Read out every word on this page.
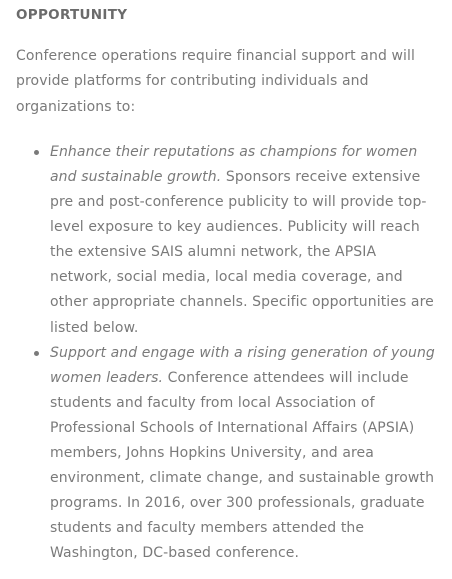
OPPORTUNITY

Conference operations require financial support and will provide platforms for contributing individuals and organizations to:

Enhance their reputations as champions for women and sustainable growth. Sponsors receive extensive pre and post-conference publicity to will provide top-level exposure to key audiences. Publicity will reach the extensive SAIS alumni network, the APSIA network, social media, local media coverage, and other appropriate channels. Specific opportunities are listed below.
Support and engage with a rising generation of young women leaders. Conference attendees will include students and faculty from local Association of Professional Schools of International Affairs (APSIA) members, Johns Hopkins University, and area environment, climate change, and sustainable growth programs. In 2016, over 300 professionals, graduate students and faculty members attended the Washington, DC-based conference.
